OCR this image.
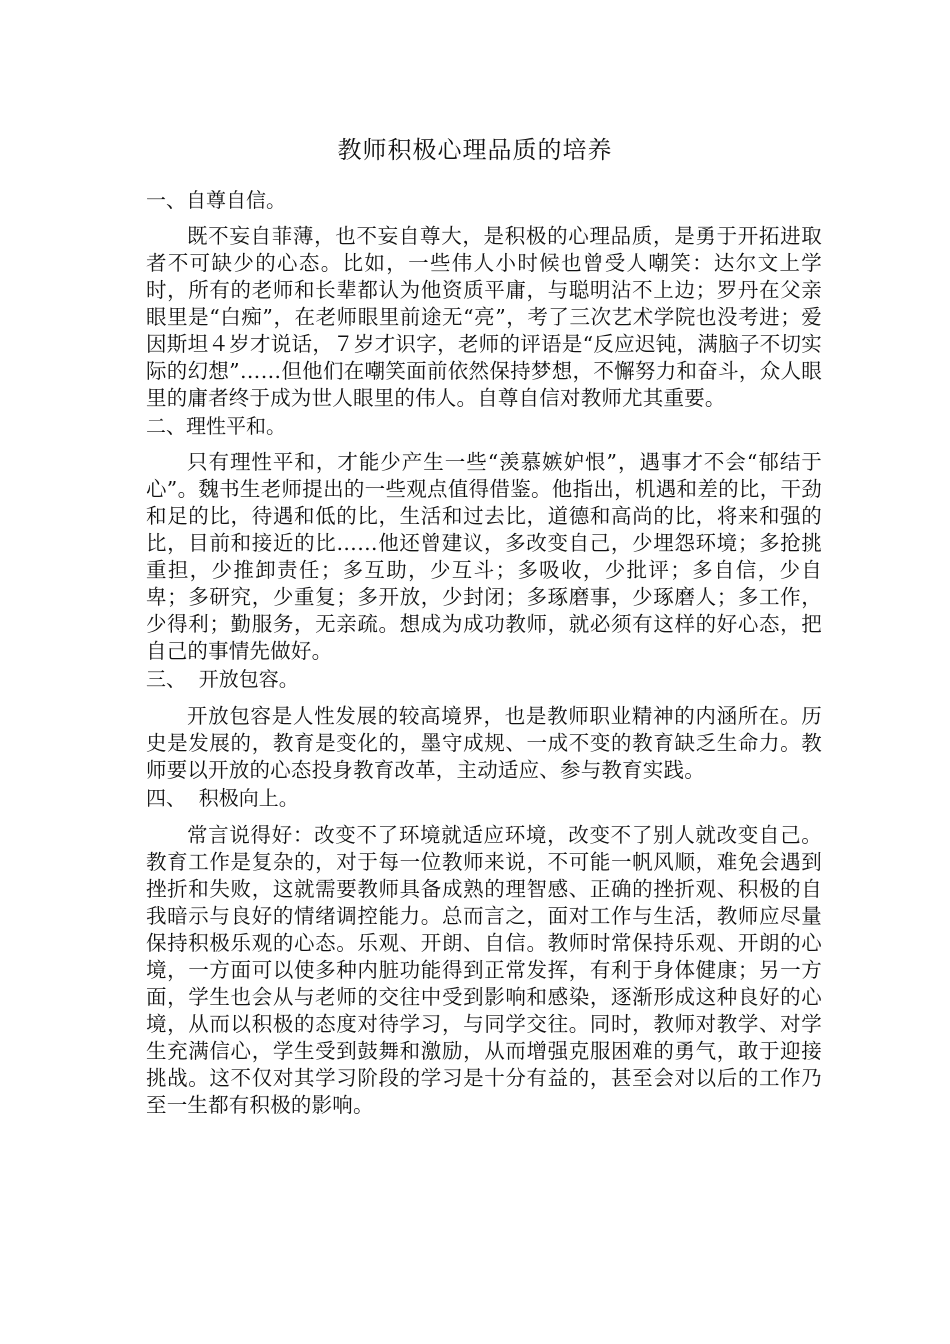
教师积极心理品质的培养
一、自尊自信。

既不妄自菲薄，也不妄自尊大，是积极的心理品质，是勇于开拓进取者不可缺少的心态。比如，一些伟人小时候也曾受人嘲笑：达尔文上学时，所有的老师和长辈都认为他资质平庸，与聪明沾不上边；罗丹在父亲眼里是“白痴”，在老师眼里前途无“亮”，考了三次艺术学院也没考进；爱因斯坦４岁才说话，７岁才识字，老师的评语是“反应迟钝，满脑子不切实际的幻想”……但他们在嘲笑面前依然保持梦想，不懈努力和奋斗，众人眼里的庸者终于成为世人眼里的伟人。自尊自信对教师尤其重要。

二、理性平和。

只有理性平和，才能少产生一些“羡慕嫉妒恨”，遇事才不会“郁结于心”。魏书生老师提出的一些观点值得借鉴。他指出，机遇和差的比，干劲和足的比，待遇和低的比，生活和过去比，道德和高尚的比，将来和强的比，目前和接近的比……他还曾建议，多改变自己，少埋怨环境；多抢挑重担，少推卸责任；多互助，少互斗；多吸收，少批评；多自信，少自卑；多研究，少重复；多开放，少封闭；多琢磨事，少琢磨人；多工作，少得利；勤服务，无亲疏。想成为成功教师，就必须有这样的好心态，把自己的事情先做好。

三、  开放包容。

开放包容是人性发展的较高境界，也是教师职业精神的内涵所在。历史是发展的，教育是变化的，墨守成规、一成不变的教育缺乏生命力。教师要以开放的心态投身教育改革，主动适应、参与教育实践。

四、  积极向上。

常言说得好：改变不了环境就适应环境，改变不了别人就改变自己。教育工作是复杂的，对于每一位教师来说，不可能一帆风顺，难免会遇到挫折和失败，这就需要教师具备成熟的理智感、正确的挫折观、积极的自我暗示与良好的情绪调控能力。总而言之，面对工作与生活，教师应尽量保持积极乐观的心态。乐观、开朗、自信。教师时常保持乐观、开朗的心境，一方面可以使多种内脏功能得到正常发挥，有利于身体健康；另一方面，学生也会从与老师的交往中受到影响和感染，逐渐形成这种良好的心境，从而以积极的态度对待学习，与同学交往。同时，教师对教学、对学生充满信心，学生受到鼓舞和激励，从而增强克服困难的勇气，敢于迎接挑战。这不仅对其学习阶段的学习是十分有益的，甚至会对以后的工作乃至一生都有积极的影响。
